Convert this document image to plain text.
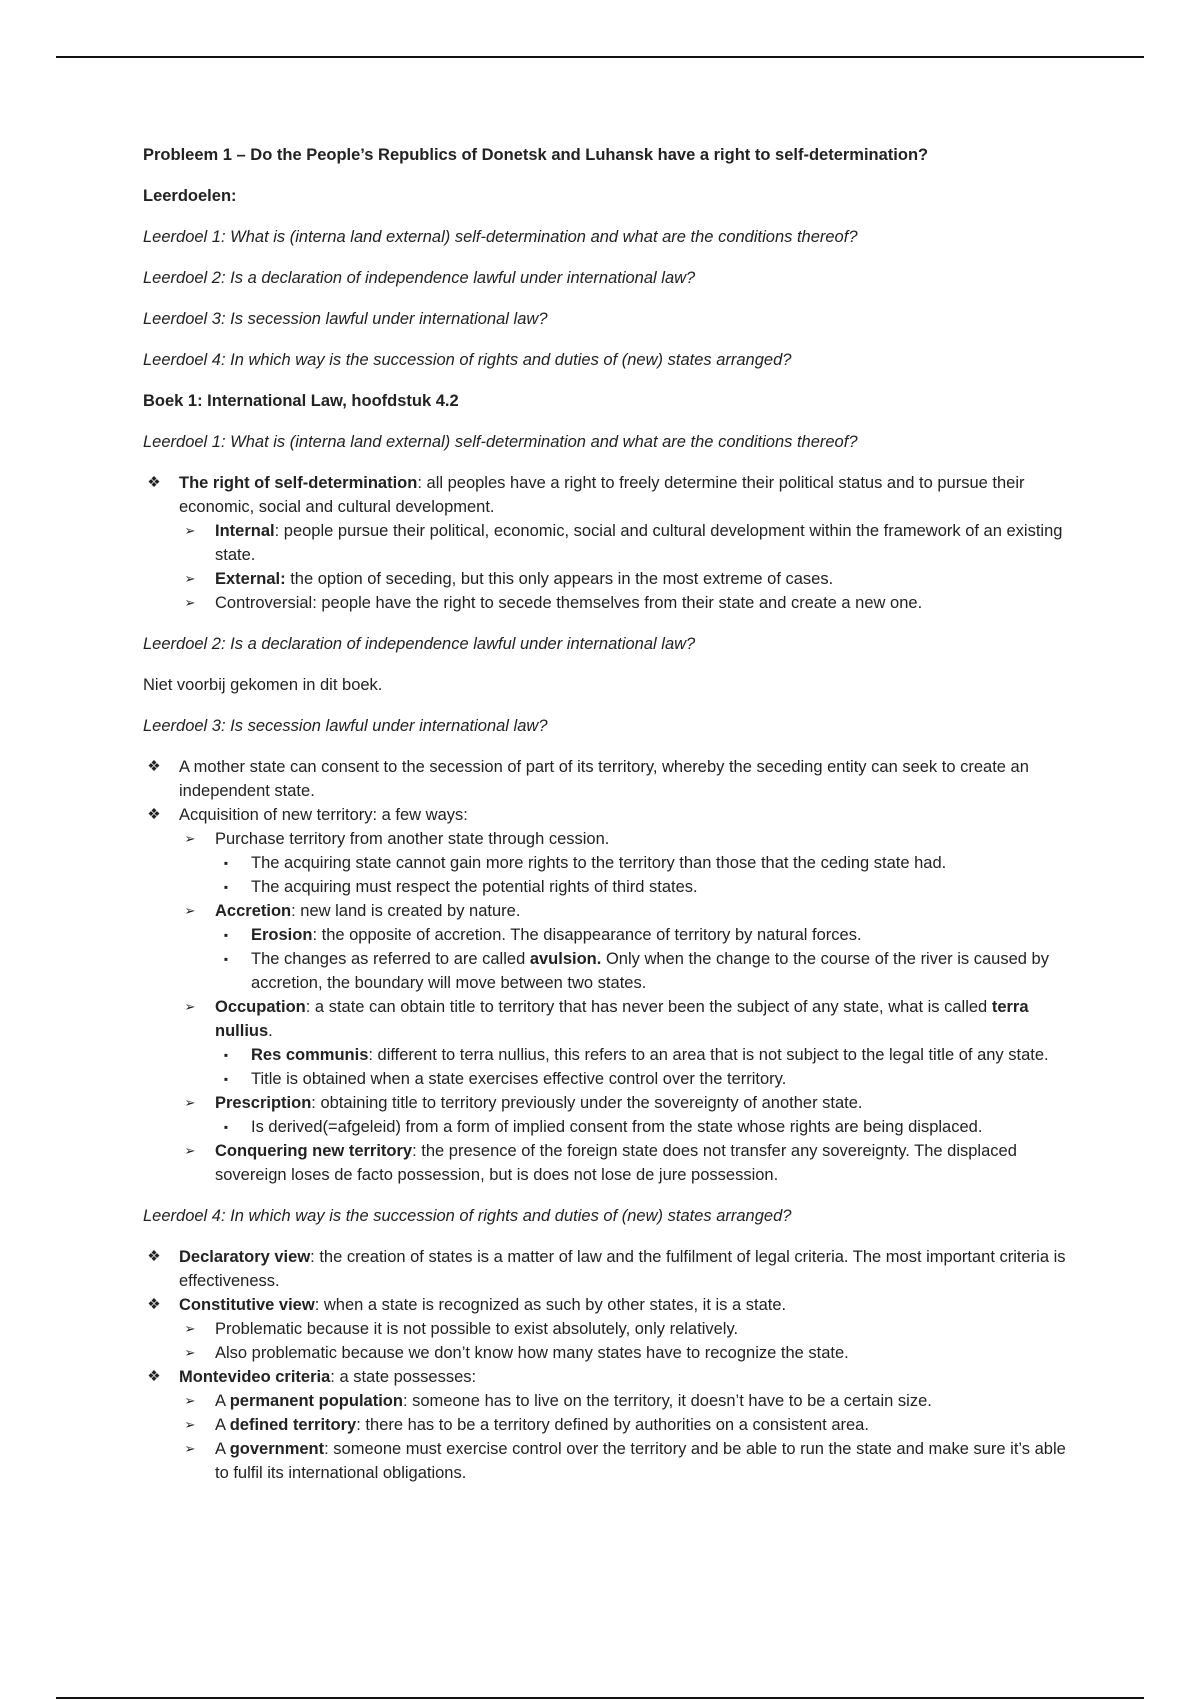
Probleem 1 – Do the People’s Republics of Donetsk and Luhansk have a right to self-determination?

Leerdoelen:

Leerdoel 1: What is (interna land external) self-determination and what are the conditions thereof?

Leerdoel 2: Is a declaration of independence lawful under international law?

Leerdoel 3: Is secession lawful under international law?

Leerdoel 4: In which way is the succession of rights and duties of (new) states arranged?

Boek 1: International Law, hoofdstuk 4.2

Leerdoel 1: What is (interna land external) self-determination and what are the conditions thereof?

❖ The right of self-determination: all peoples have a right to freely determine their political status and to pursue their economic, social and cultural development.
➢	Internal: people pursue their political, economic, social and cultural development within the framework of an existing state.
➢	External: the option of seceding, but this only appears in the most extreme of cases.
➢	Controversial: people have the right to secede themselves from their state and create a new one.

Leerdoel 2: Is a declaration of independence lawful under international law?

Niet voorbij gekomen in dit boek.

Leerdoel 3: Is secession lawful under international law?

❖ A mother state can consent to the secession of part of its territory, whereby the seceding entity can seek to create an independent state.
❖ Acquisition of new territory: a few ways:
➢	Purchase territory from another state through cession.
▪	The acquiring state cannot gain more rights to the territory than those that the ceding state had.
▪	The acquiring must respect the potential rights of third states.
➢	Accretion: new land is created by nature.
▪	Erosion: the opposite of accretion. The disappearance of territory by natural forces.
▪	The changes as referred to are called avulsion. Only when the change to the course of the river is caused by accretion, the boundary will move between two states.
➢	Occupation: a state can obtain title to territory that has never been the subject of any state, what is called terra nullius.
▪	Res communis: different to terra nullius, this refers to an area that is not subject to the legal title of any state.
▪	Title is obtained when a state exercises effective control over the territory.
➢	Prescription: obtaining title to territory previously under the sovereignty of another state.
▪	Is derived(=afgeleid) from a form of implied consent from the state whose rights are being displaced.
➢	Conquering new territory: the presence of the foreign state does not transfer any sovereignty. The displaced sovereign loses de facto possession, but is does not lose de jure possession.

Leerdoel 4: In which way is the succession of rights and duties of (new) states arranged?

❖ Declaratory view: the creation of states is a matter of law and the fulfilment of legal criteria. The most important criteria is effectiveness.
❖ Constitutive view: when a state is recognized as such by other states, it is a state.
➢	Problematic because it is not possible to exist absolutely, only relatively.
➢	Also problematic because we don’t know how many states have to recognize the state.
❖ Montevideo criteria: a state possesses:
➢	A permanent population: someone has to live on the territory, it doesn’t have to be a certain size.
➢	A defined territory: there has to be a territory defined by authorities on a consistent area.
➢	A government: someone must exercise control over the territory and be able to run the state and make sure it’s able to fulfil its international obligations.
